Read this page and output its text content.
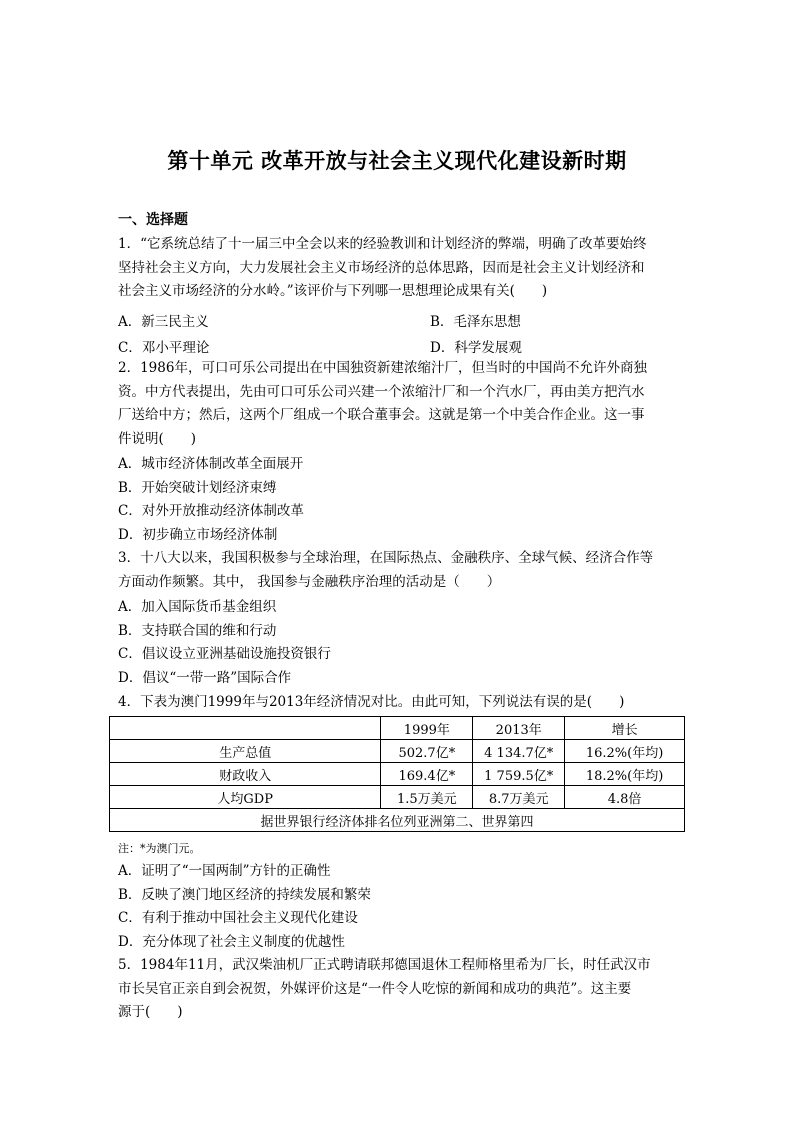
第十单元 改革开放与社会主义现代化建设新时期
一、选择题
1．“它系统总结了十一届三中全会以来的经验教训和计划经济的弊端，明确了改革要始终
坚持社会主义方向，大力发展社会主义市场经济的总体思路，因而是社会主义计划经济和
社会主义市场经济的分水岭。”该评价与下列哪一思想理论成果有关(　　)
A．新三民主义	B．毛泽东思想
C．邓小平理论	D．科学发展观
2．1986年，可口可乐公司提出在中国独资新建浓缩汁厂，但当时的中国尚不允许外商独
资。中方代表提出，先由可口可乐公司兴建一个浓缩汁厂和一个汽水厂，再由美方把汽水
厂送给中方；然后，这两个厂组成一个联合董事会。这就是第一个中美合作企业。这一事
件说明(　　)
A．城市经济体制改革全面展开
B．开始突破计划经济束缚
C．对外开放推动经济体制改革
D．初步确立市场经济体制
3．十八大以来，我国积极参与全球治理，在国际热点、金融秩序、全球气候、经济合作等
方面动作频繁。其中， 我国参与金融秩序治理的活动是（　　）
A．加入国际货币基金组织
B．支持联合国的维和行动
C．倡议设立亚洲基础设施投资银行
D．倡议“一带一路”国际合作
4．下表为澳门1999年与2013年经济情况对比。由此可知，下列说法有误的是(　　)
	1999年	2013年	增长
生产总值	502.7亿*	4 134.7亿*	16.2%(年均)
财政收入	169.4亿*	1 759.5亿*	18.2%(年均)
人均GDP	1.5万美元	8.7万美元	4.8倍
据世界银行经济体排名位列亚洲第二、世界第四			
注：*为澳门元。
A．证明了“一国两制”方针的正确性
B．反映了澳门地区经济的持续发展和繁荣
C．有利于推动中国社会主义现代化建设
D．充分体现了社会主义制度的优越性
5．1984年11月，武汉柴油机厂正式聘请联邦德国退休工程师格里希为厂长，时任武汉市
市长吴官正亲自到会祝贺，外媒评价这是“一件令人吃惊的新闻和成功的典范”。这主要
源于(　　)
